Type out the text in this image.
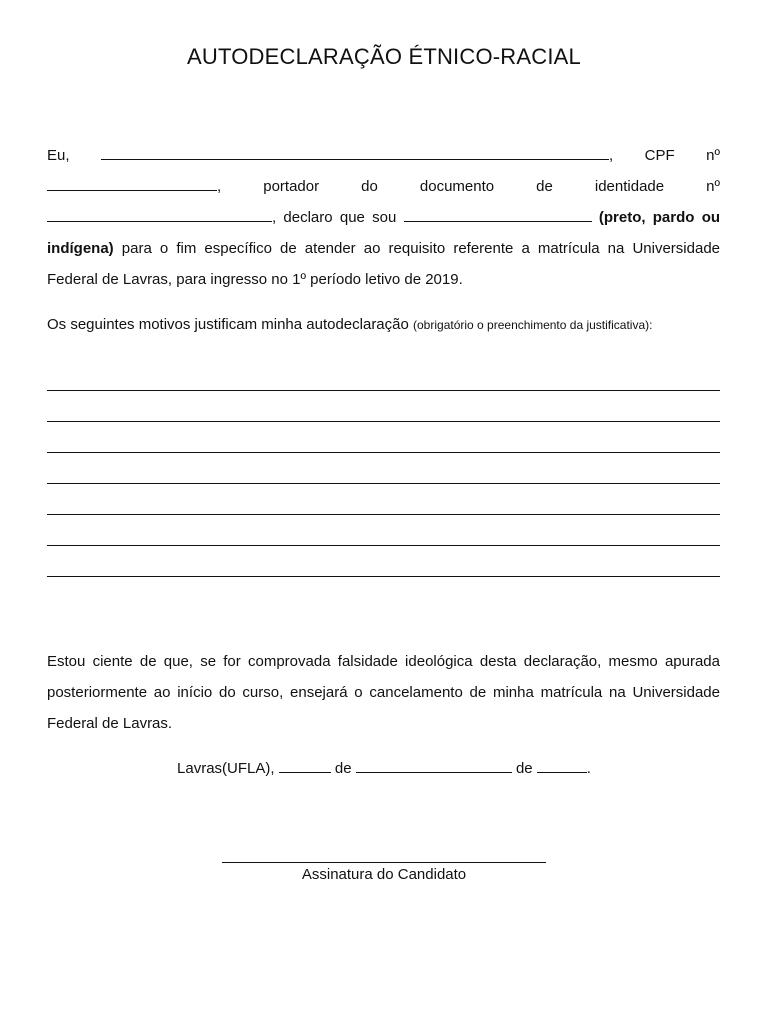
AUTODECLARAÇÃO ÉTNICO-RACIAL
Eu,	, CPF nº , portador do documento de identidade nº , declaro que sou	(preto, pardo ou indígena) para o fim específico de atender ao requisito referente a matrícula na Universidade Federal de Lavras, para ingresso no 1º período letivo de 2019.
Os seguintes motivos justificam minha autodeclaração (obrigatório o preenchimento da justificativa):
Estou ciente de que, se for comprovada falsidade ideológica desta declaração, mesmo apurada posteriormente ao início do curso, ensejará o cancelamento de minha matrícula na Universidade Federal de Lavras.
Lavras(UFLA),	de	de	.
Assinatura do Candidato
